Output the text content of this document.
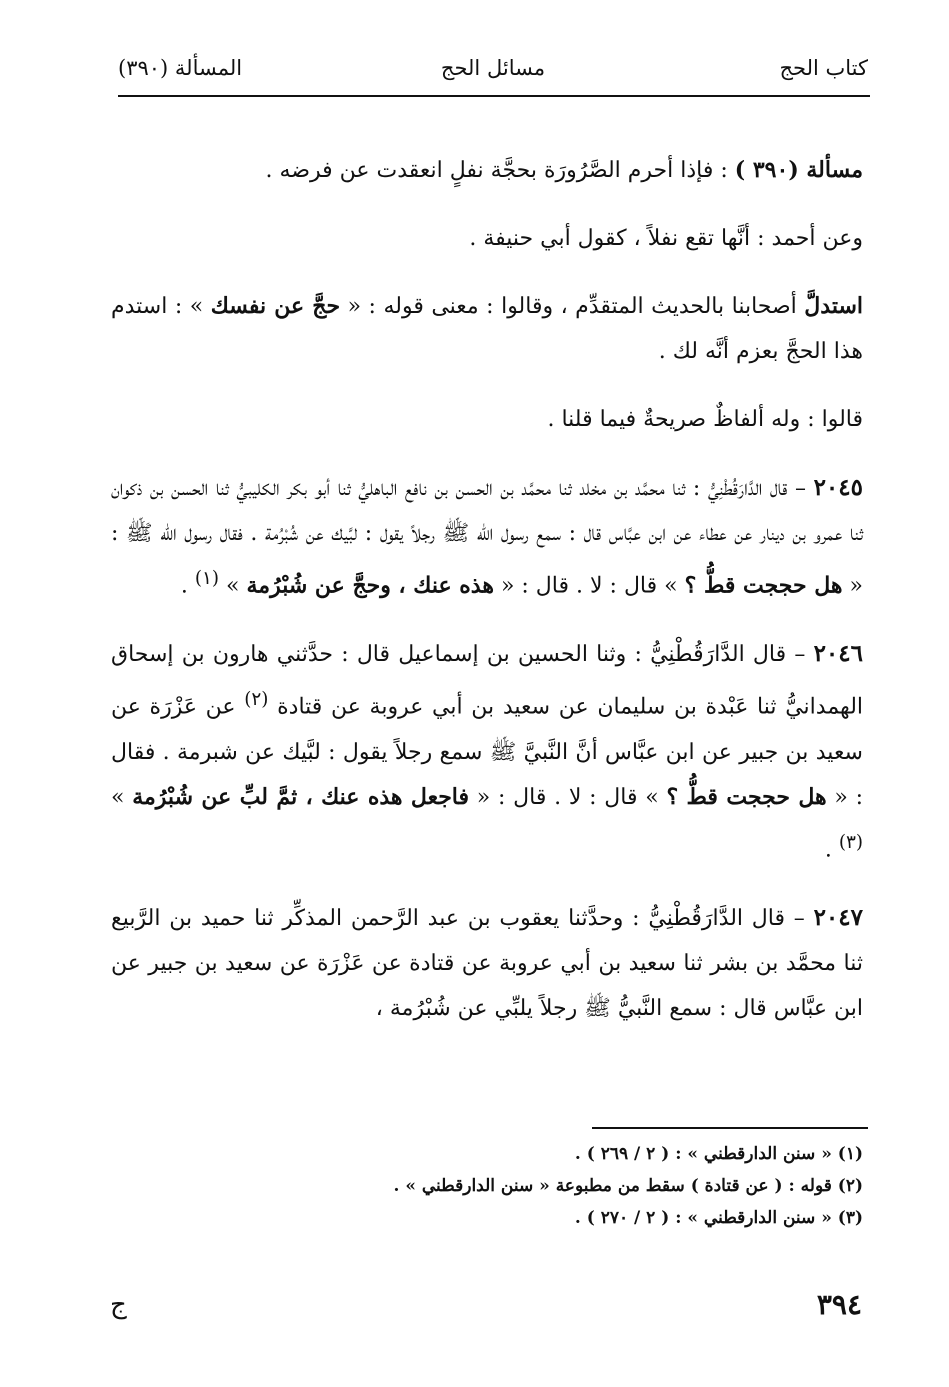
كتاب الحج
مسائل الحج
المسألة (٣٩٠)

مسألة (٣٩٠ ) : فإذا أحرم الصَّرُورَة بحجَّة نفلٍ انعقدت عن فرضه .

وعن أحمد : أنَّها تقع نفلاً ، كقول أبي حنيفة .

استدلَّ أصحابنا بالحديث المتقدِّم ، وقالوا : معنى قوله : « حجَّ عن نفسك » : استدم هذا الحجَّ بعزم أنَّه لك .

قالوا : وله ألفاظٌ صريحةٌ فيما قلنا .

٢٠٤٥ – قال الدَّارَقُطْنِيُّ : ثنا محمَّد بن مخلد ثنا محمَّد بن الحسن بن نافع الباهليُّ ثنا أبو بكر الكليبيُّ ثنا الحسن بن ذكوان ثنا عمرو بن دينار عن عطاء عن ابن عبَّاس قال : سمع رسول الله ﷺ رجلاً يقول : لبَّيك عن شُبْرُمة . فقال رسول الله ﷺ : « هل حججت قطُّ ؟ » قال : لا . قال : « هذه عنك ، وحجَّ عن شُبْرُمة » $^{(١)}$ .

٢٠٤٦ – قال الدَّارَقُطْنِيُّ : وثنا الحسين بن إسماعيل قال : حدَّثني هارون بن إسحاق الهمدانيُّ ثنا عَبْدة بن سليمان عن سعيد بن أبي عروبة عن قتادة $^{(٢)}$ عن عَزْرَة عن سعيد بن جبير عن ابن عبَّاس أنَّ النَّبيَّ ﷺ سمع رجلاً يقول : لبَّيك عن شبرمة . فقال : « هل حججت قطُّ ؟ » قال : لا . قال : « فاجعل هذه عنك ، ثمَّ لبِّ عن شُبْرُمة » $^{(٣)}$ .

٢٠٤٧ – قال الدَّارَقُطْنِيُّ : وحدَّثنا يعقوب بن عبد الرَّحمن المذكِّر ثنا حميد بن الرَّبيع ثنا محمَّد بن بشر ثنا سعيد بن أبي عروبة عن قتادة عن عَزْرَة عن سعيد بن جبير عن ابن عبَّاس قال : سمع النَّبيُّ ﷺ رجلاً يلبِّي عن شُبْرُمة ،

(١) « سنن الدارقطني » : ( ٢ / ٢٦٩ ) .

(٢) قوله : ( عن قتادة ) سقط من مطبوعة « سنن الدارقطني » .

(٣) « سنن الدارقطني » : ( ٢ / ٢٧٠ ) .

٣٩٤
ج
